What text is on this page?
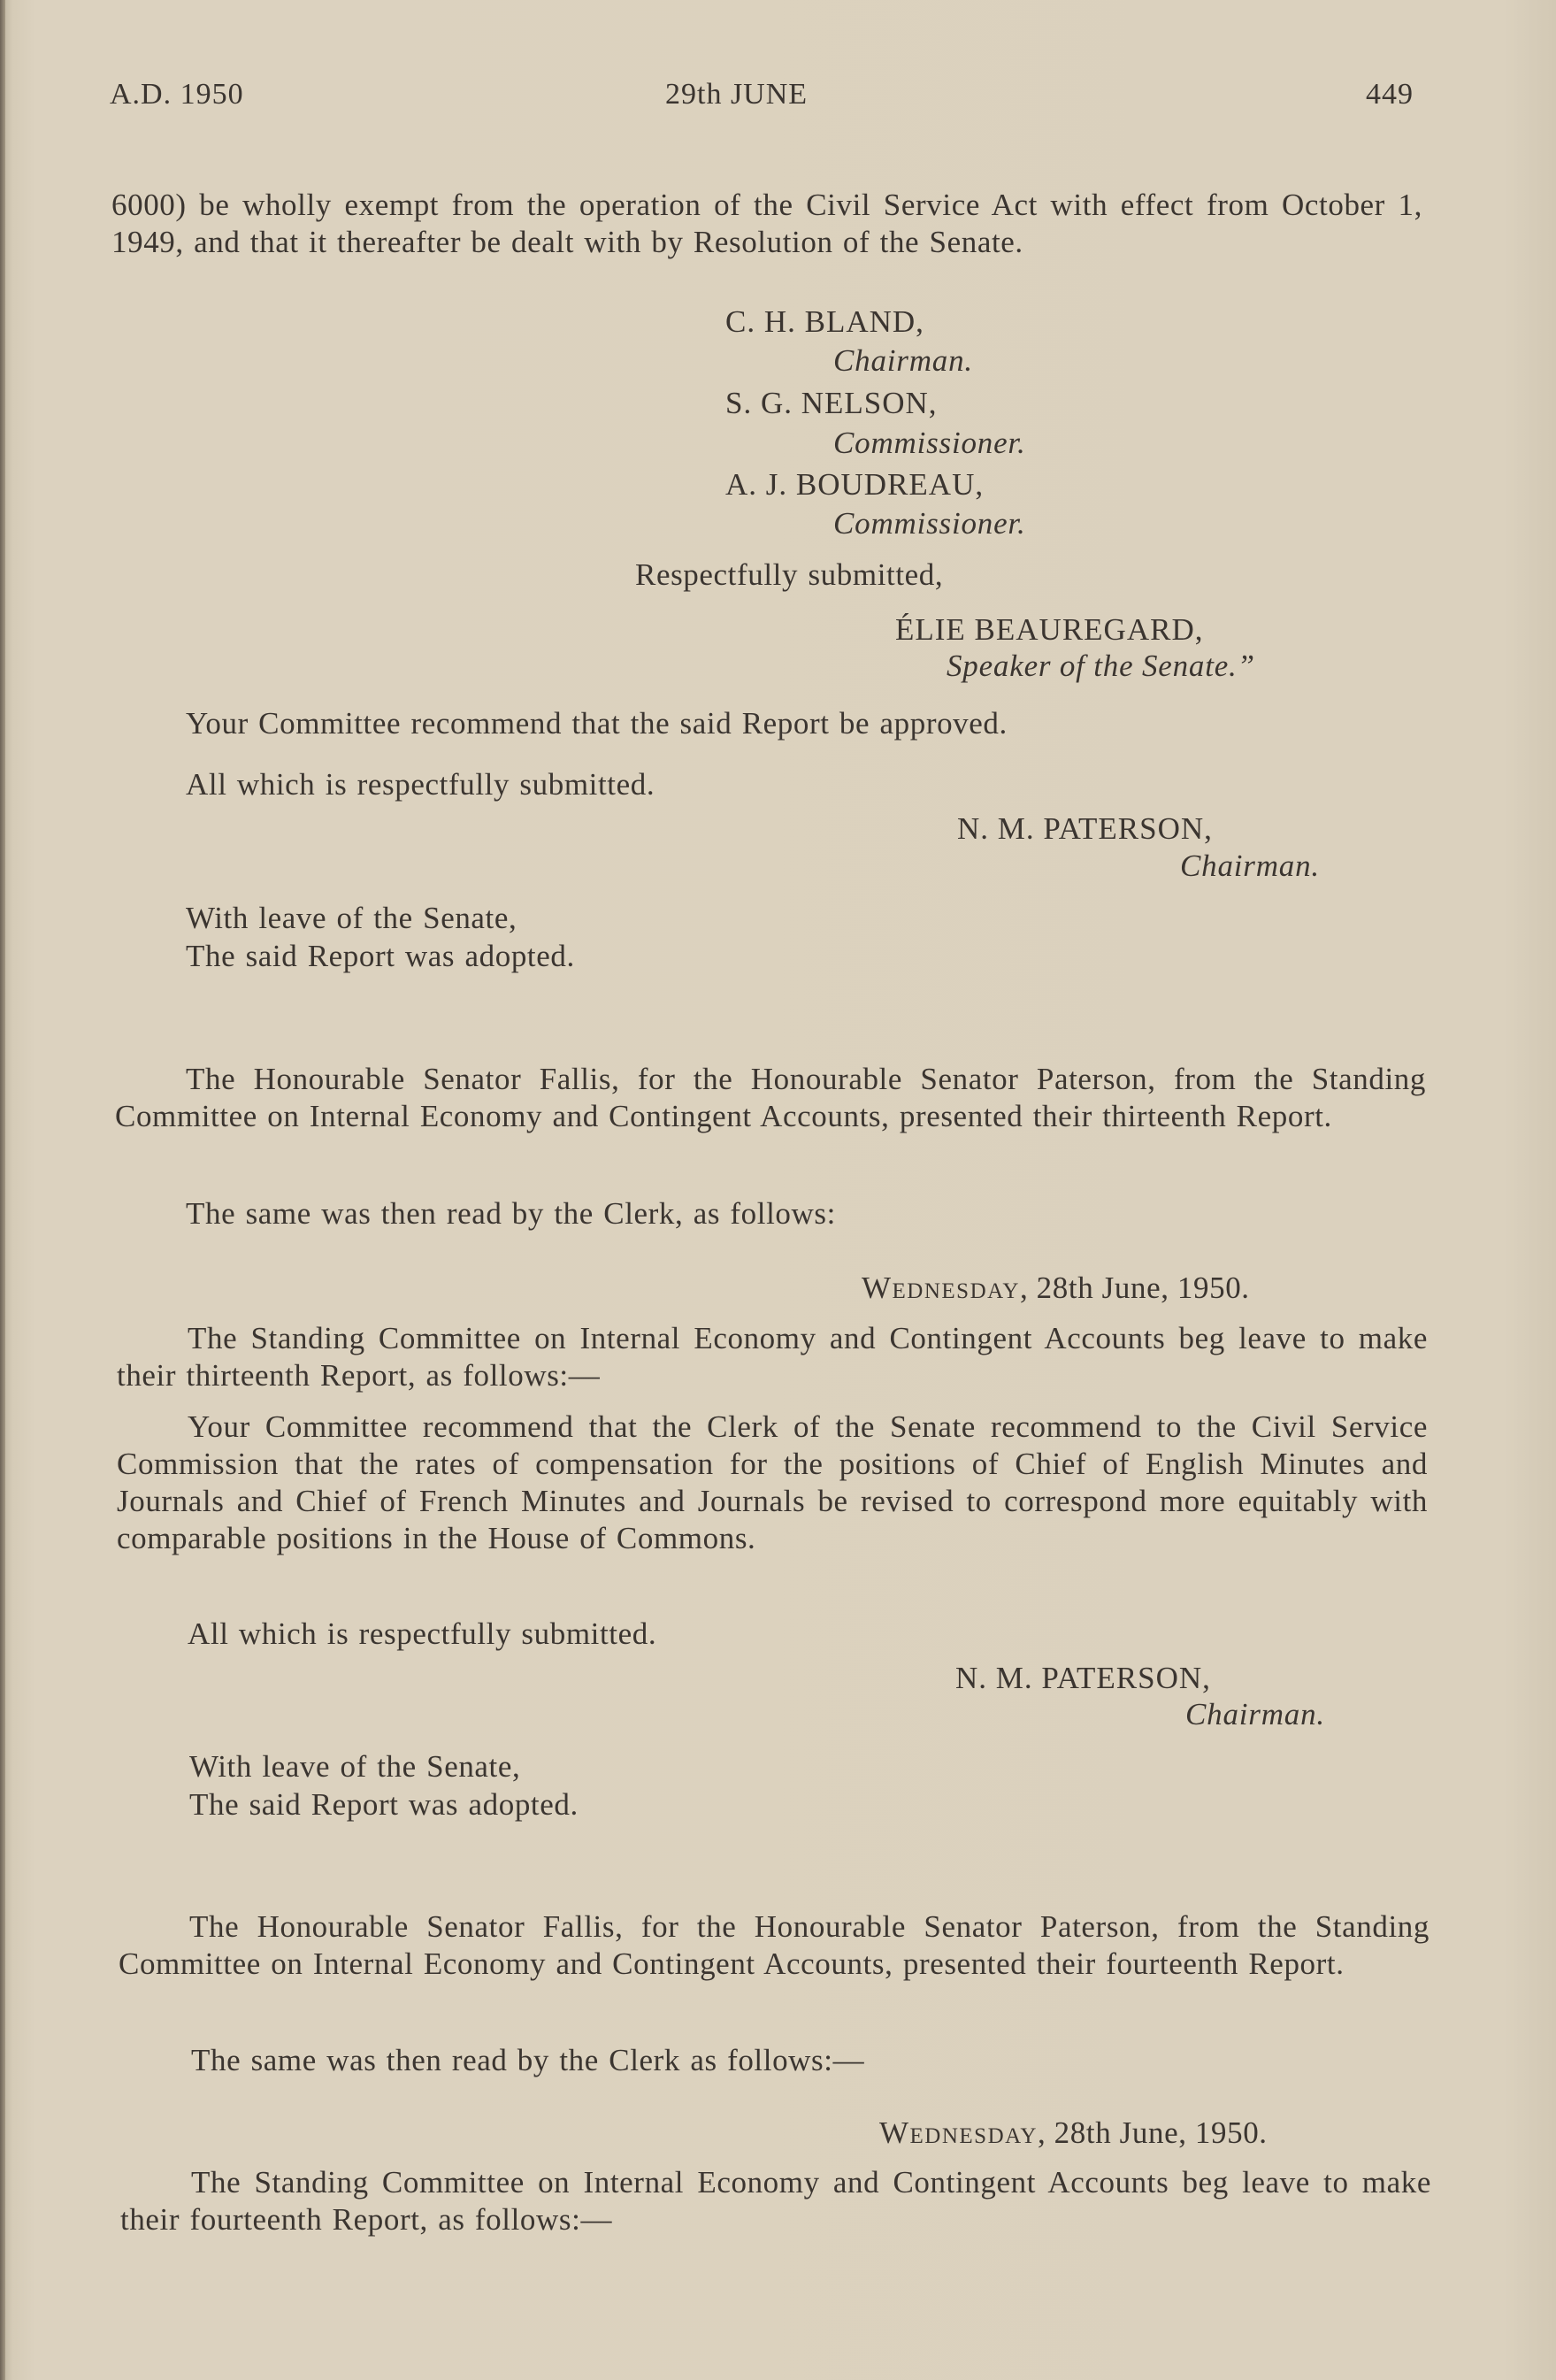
A.D. 1950	29th JUNE	449
6000) be wholly exempt from the operation of the Civil Service Act with effect from October 1, 1949, and that it thereafter be dealt with by Resolution of the Senate.
C. H. BLAND,
Chairman.
S. G. NELSON,
Commissioner.
A. J. BOUDREAU,
Commissioner.
Respectfully submitted,
ÉLIE BEAUREGARD,
Speaker of the Senate.”
Your Committee recommend that the said Report be approved.
All which is respectfully submitted.
N. M. PATERSON,
Chairman.
With leave of the Senate,
The said Report was adopted.
The Honourable Senator Fallis, for the Honourable Senator Paterson, from the Standing Committee on Internal Economy and Contingent Accounts, presented their thirteenth Report.
The same was then read by the Clerk, as follows:
Wednesday, 28th June, 1950.
The Standing Committee on Internal Economy and Contingent Accounts beg leave to make their thirteenth Report, as follows:—
Your Committee recommend that the Clerk of the Senate recommend to the Civil Service Commission that the rates of compensation for the positions of Chief of English Minutes and Journals and Chief of French Minutes and Journals be revised to correspond more equitably with comparable positions in the House of Commons.
All which is respectfully submitted.
N. M. PATERSON,
Chairman.
With leave of the Senate,
The said Report was adopted.
The Honourable Senator Fallis, for the Honourable Senator Paterson, from the Standing Committee on Internal Economy and Contingent Accounts, presented their fourteenth Report.
The same was then read by the Clerk as follows:—
Wednesday, 28th June, 1950.
The Standing Committee on Internal Economy and Contingent Accounts beg leave to make their fourteenth Report, as follows:—
